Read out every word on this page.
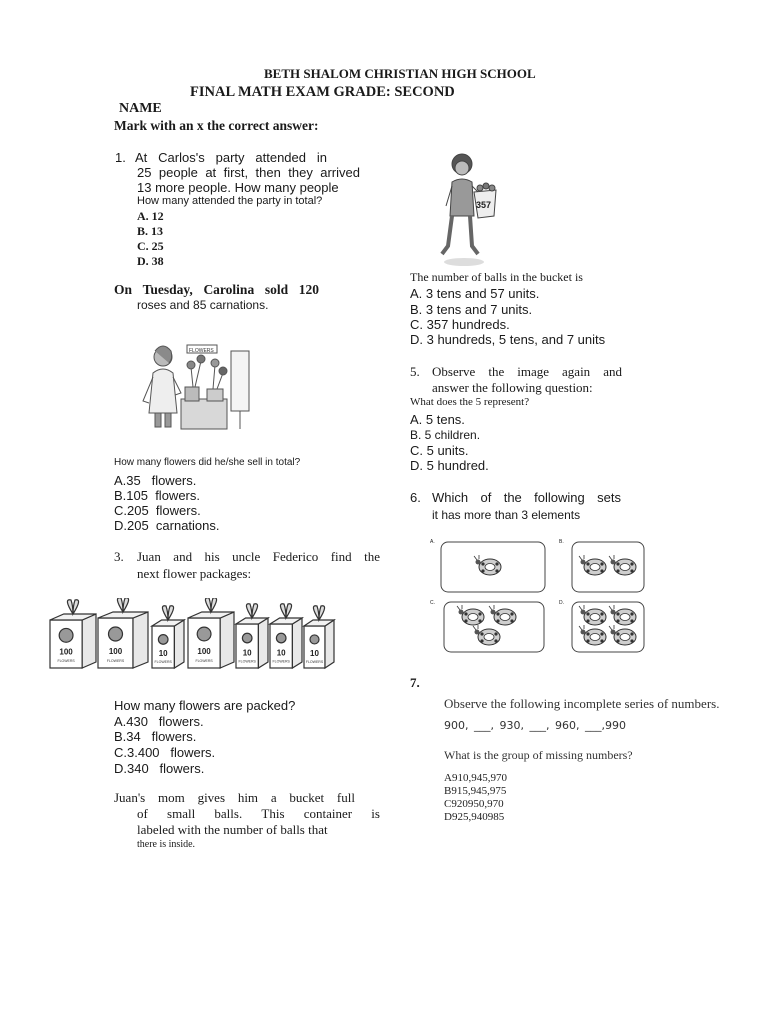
BETH SHALOM CHRISTIAN HIGH SCHOOL
FINAL MATH EXAM GRADE: SECOND
NAME
Mark with an x the correct answer:
1. At Carlos's party attended in
25 people at first, then they arrived
13 more people. How many people
How many attended the party in total?
A. 12
B. 13
C. 25
D. 38
On Tuesday, Carolina sold 120
roses and 85 carnations.
FLOWERS
How many flowers did he/she sell in total?
A.35   flowers.
B.105  flowers.
C.205  flowers.
D.205  carnations.
3. Juan and his uncle Federico find the
next flower packages:
100
FLOWERS
100
FLOWERS
10
FLOWERS
100
FLOWERS
10
FLOWERS
10
FLOWERS
10
FLOWERS
How many flowers are packed?
A.430   flowers.
B.34   flowers.
C.3.400   flowers.
D.340   flowers.
Juan's mom gives him a bucket full
of small balls. This container is
labeled with the number of balls that
there is inside.
357
The number of balls in the bucket is
A. 3 tens and 57 units.
B. 3 tens and 7 units.
C. 357 hundreds.
D. 3 hundreds, 5 tens, and 7 units
5. Observe the image again and
answer the following question:
What does the 5 represent?
A. 5 tens.
B. 5 children.
C. 5 units.
D. 5 hundred.
6. Which of the following sets
it has more than 3 elements
A.	B.
C.	D.
7.
Observe the following incomplete series of numbers.
900, ___, 930, ___, 960, ___,990
What is the group of missing numbers?
A910,945,970
B915,945,975
C920950,970
D925,940985
